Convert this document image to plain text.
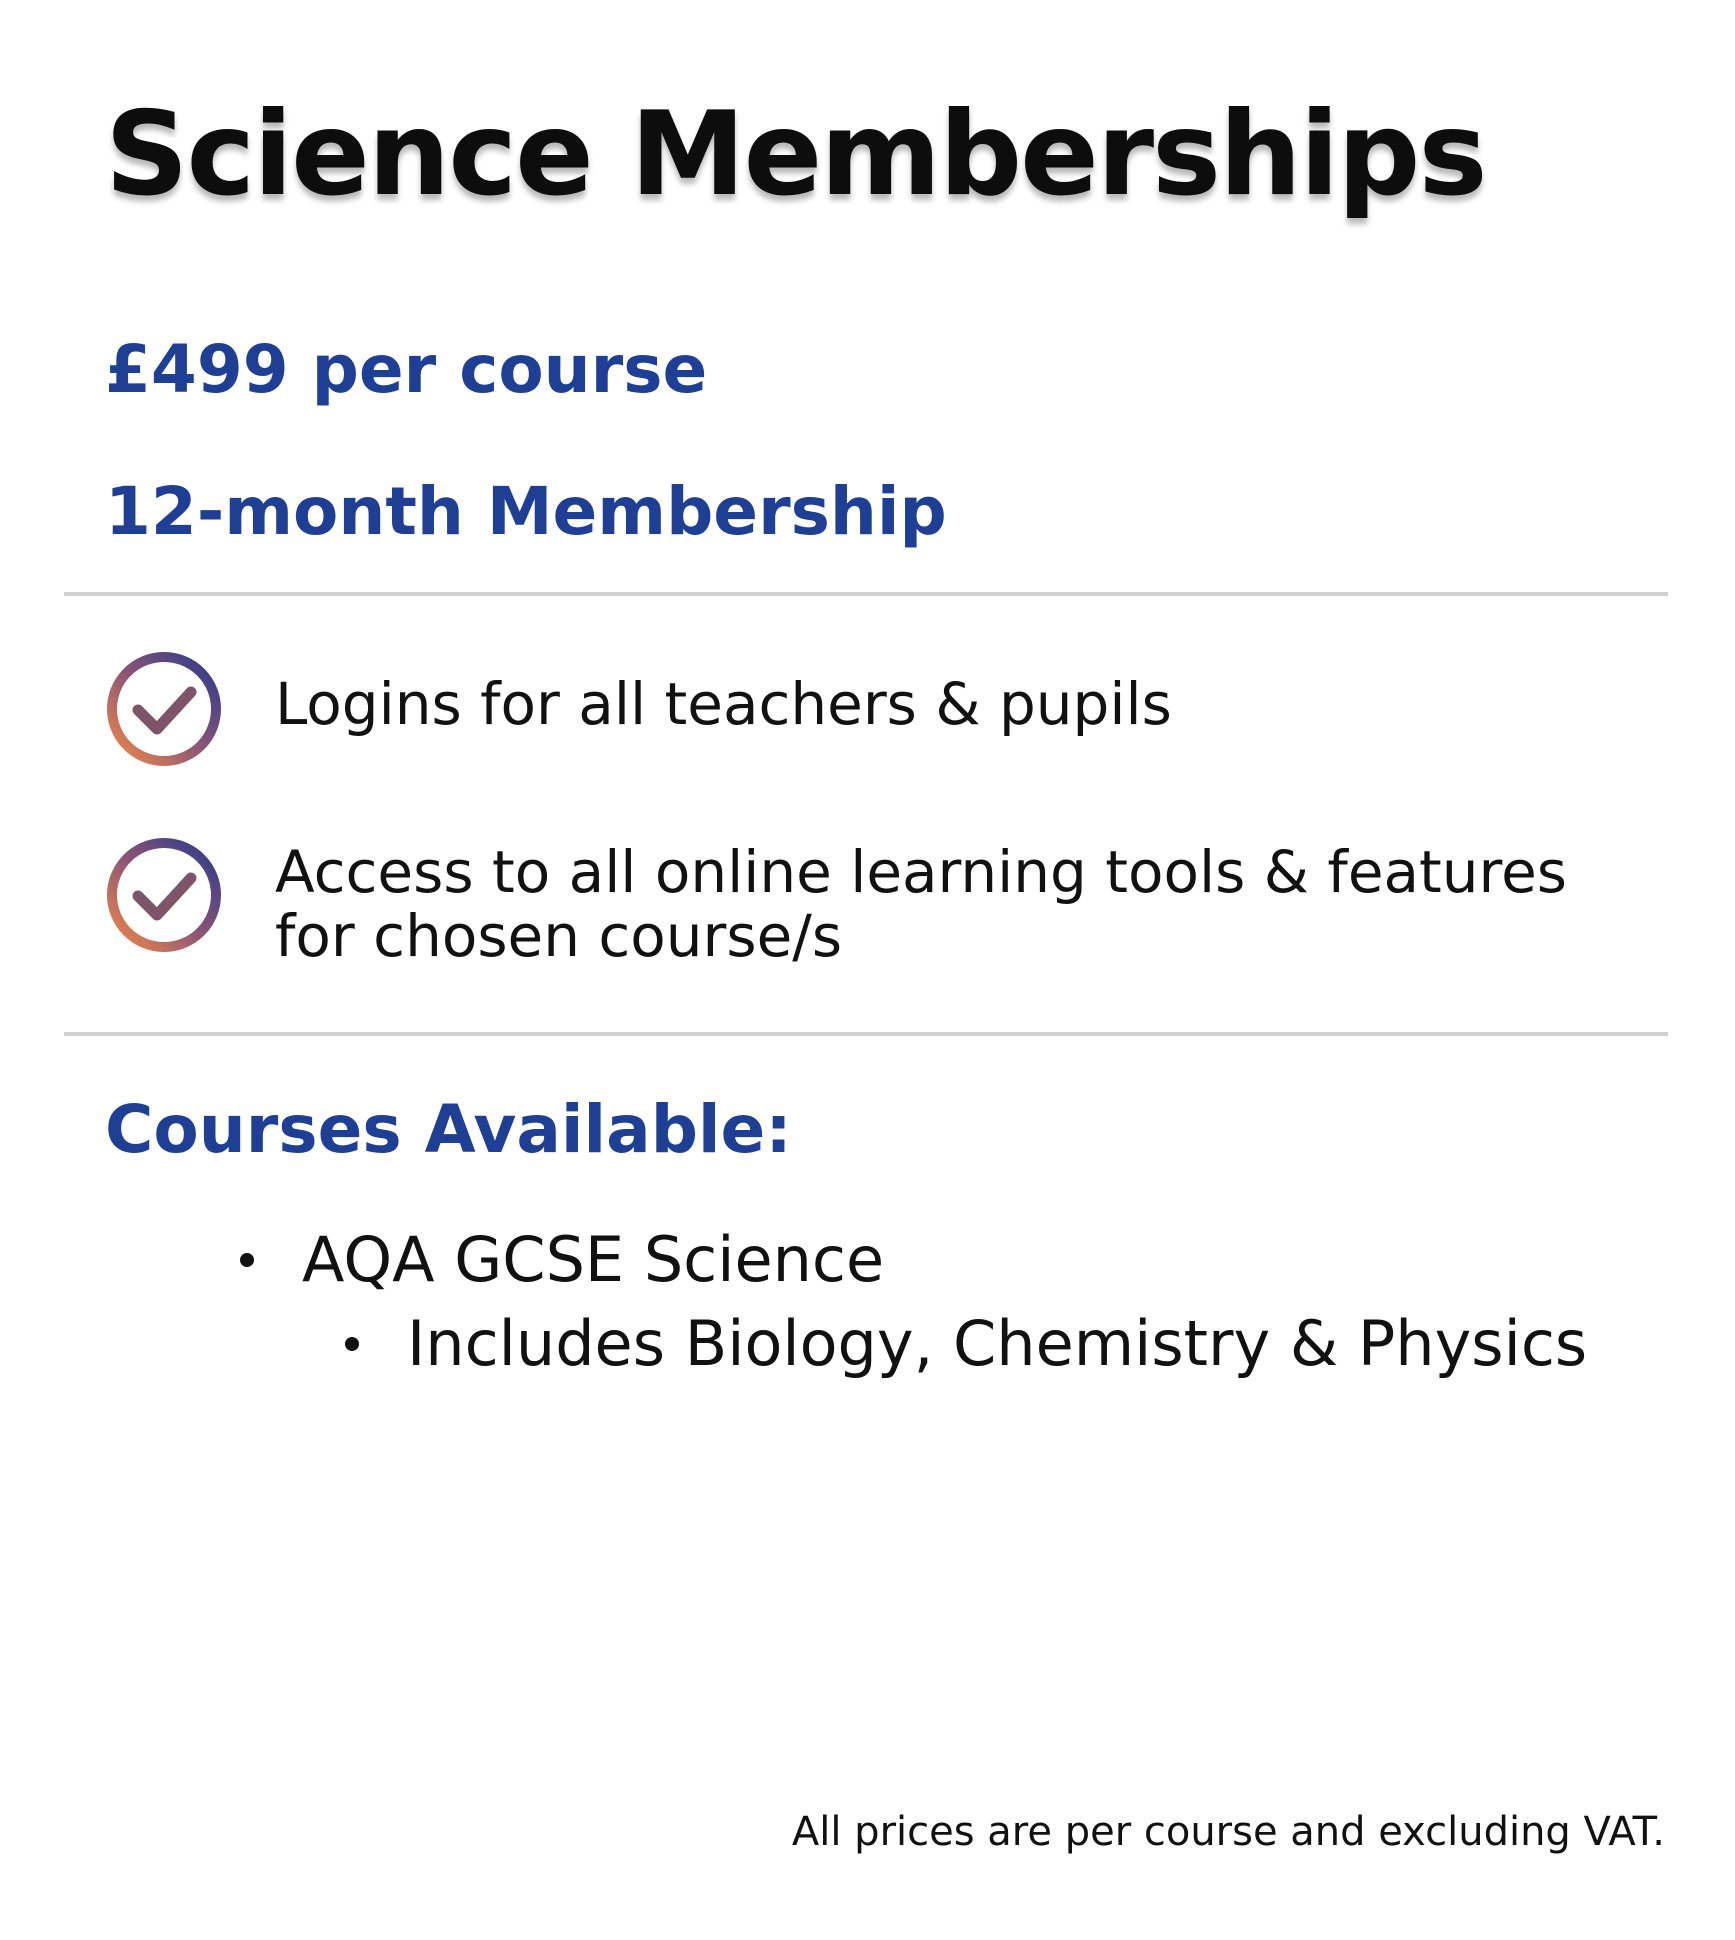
Science Memberships
£499 per course
12-month Membership
Logins for all teachers & pupils
Access to all online learning tools & features for chosen course/s
Courses Available:
AQA GCSE Science
Includes Biology, Chemistry & Physics
All prices are per course and excluding VAT.
